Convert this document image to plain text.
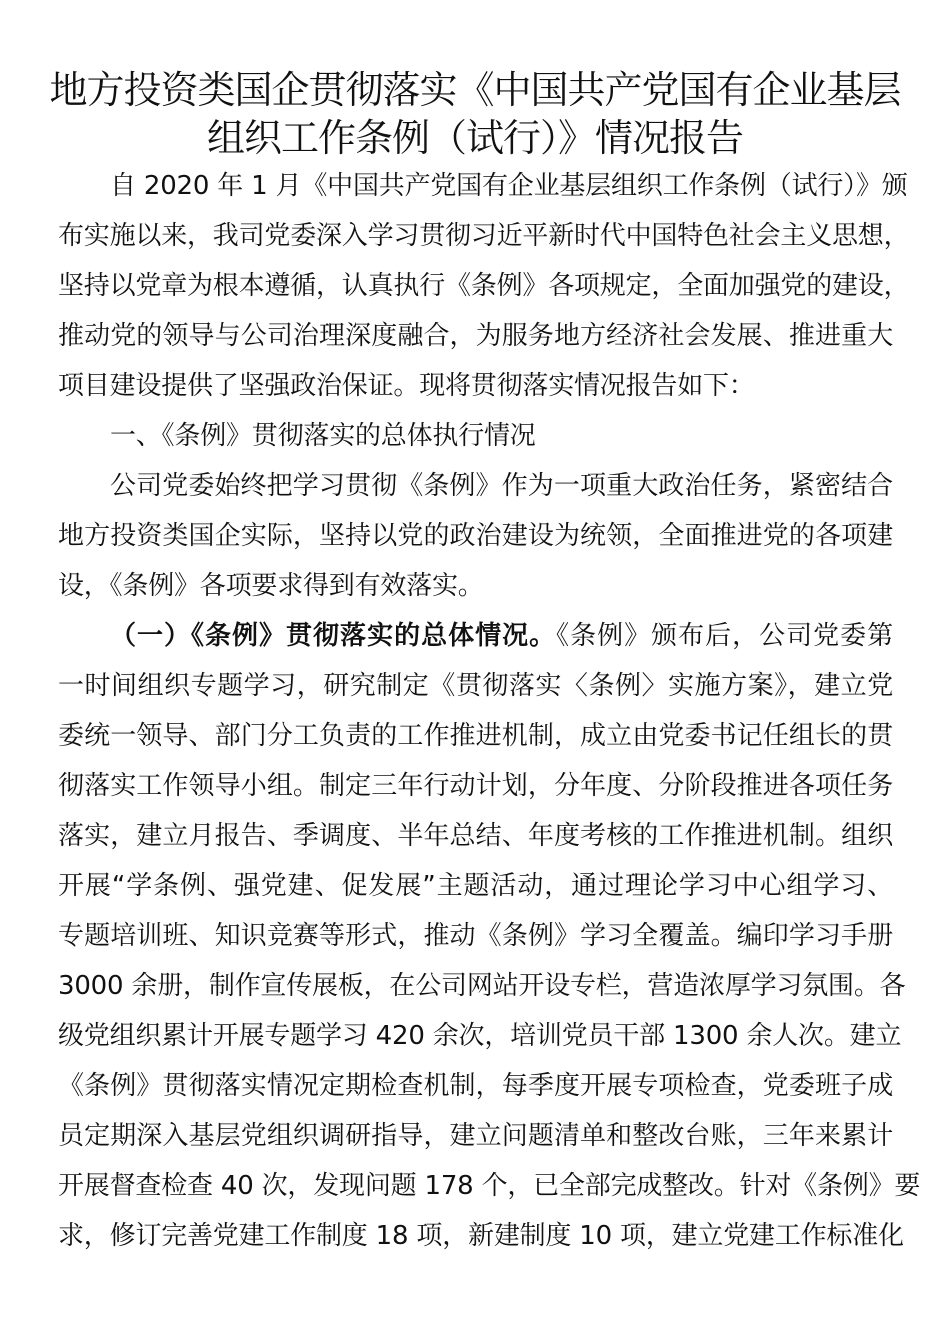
地方投资类国企贯彻落实《中国共产党国有企业基层
组织工作条例（试行）》情况报告
自 2020 年 1 月《中国共产党国有企业基层组织工作条例（试行）》颁
布实施以来，我司党委深入学习贯彻习近平新时代中国特色社会主义思想，
坚持以党章为根本遵循，认真执行《条例》各项规定，全面加强党的建设，
推动党的领导与公司治理深度融合，为服务地方经济社会发展、推进重大
项目建设提供了坚强政治保证。现将贯彻落实情况报告如下：
一、《条例》贯彻落实的总体执行情况
公司党委始终把学习贯彻《条例》作为一项重大政治任务，紧密结合
地方投资类国企实际，坚持以党的政治建设为统领，全面推进党的各项建
设，《条例》各项要求得到有效落实。
（一）《条例》贯彻落实的总体情况。《条例》颁布后，公司党委第
一时间组织专题学习，研究制定《贯彻落实〈条例〉实施方案》，建立党
委统一领导、部门分工负责的工作推进机制，成立由党委书记任组长的贯
彻落实工作领导小组。制定三年行动计划，分年度、分阶段推进各项任务
落实，建立月报告、季调度、半年总结、年度考核的工作推进机制。组织
开展“学条例、强党建、促发展”主题活动，通过理论学习中心组学习、
专题培训班、知识竞赛等形式，推动《条例》学习全覆盖。编印学习手册
3000 余册，制作宣传展板，在公司网站开设专栏，营造浓厚学习氛围。各
级党组织累计开展专题学习 420 余次，培训党员干部 1300 余人次。建立
《条例》贯彻落实情况定期检查机制，每季度开展专项检查，党委班子成
员定期深入基层党组织调研指导，建立问题清单和整改台账，三年来累计
开展督查检查 40 次，发现问题 178 个，已全部完成整改。针对《条例》要
求，修订完善党建工作制度 18 项，新建制度 10 项，建立党建工作标准化
